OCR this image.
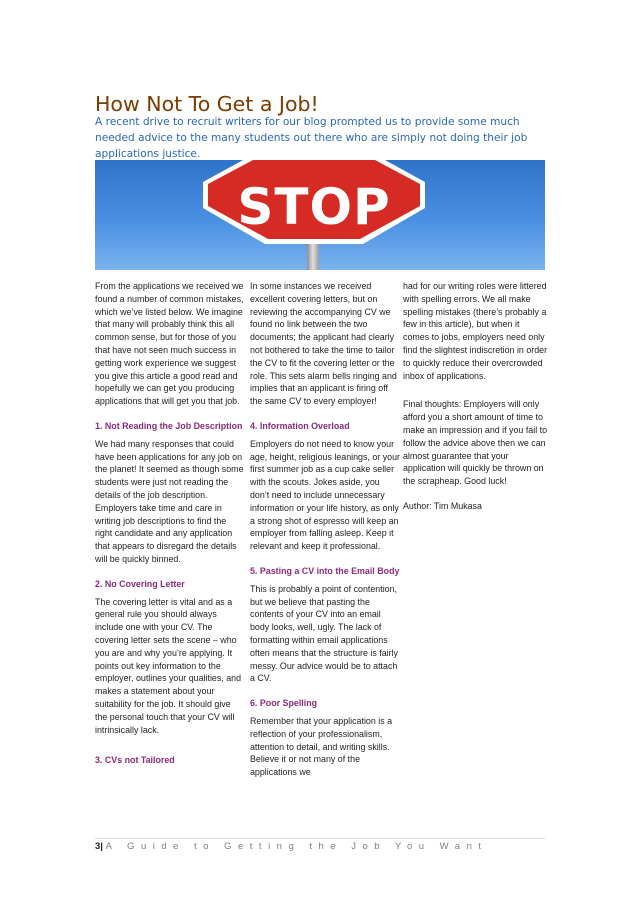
How Not To Get a Job!
A recent drive to recruit writers for our blog prompted us to provide some much needed advice to the many students out there who are simply not doing their job applications justice.
STOP

From the applications we received we found a number of common mistakes, which we’ve listed below. We imagine that many will probably think this all common sense, but for those of you that have not seen much success in getting work experience we suggest you give this article a good read and hopefully we can get you producing applications that will get you that job.

1. Not Reading the Job Description

We had many responses that could have been applications for any job on the planet! It seemed as though some students were just not reading the details of the job description. Employers take time and care in writing job descriptions to find the right candidate and any application that appears to disregard the details will be quickly binned.

2. No Covering Letter

The covering letter is vital and as a general rule you should always include one with your CV. The covering letter sets the scene – who you are and why you’re applying. It points out key information to the employer, outlines your qualities, and makes a statement about your suitability for the job. It should give the personal touch that your CV will intrinsically lack.

3. CVs not Tailored

In some instances we received excellent covering letters, but on reviewing the accompanying CV we found no link between the two documents; the applicant had clearly not bothered to take the time to tailor the CV to fit the covering letter or the role. This sets alarm bells ringing and implies that an applicant is firing off the same CV to every employer!

4. Information Overload

Employers do not need to know your age, height, religious leanings, or your first summer job as a cup cake seller with the scouts. Jokes aside, you don’t need to include unnecessary information or your life history, as only a strong shot of espresso will keep an employer from falling asleep. Keep it relevant and keep it professional.

5. Pasting a CV into the Email Body

This is probably a point of contention, but we believe that pasting the contents of your CV into an email body looks, well, ugly. The lack of formatting within email applications often means that the structure is fairly messy. Our advice would be to attach a CV.

6. Poor Spelling

Remember that your application is a reflection of your professionalism, attention to detail, and writing skills. Believe it or not many of the applications we

had for our writing roles were littered with spelling errors. We all make spelling mistakes (there’s probably a few in this article), but when it comes to jobs, employers need only find the slightest indiscretion in order to quickly reduce their overcrowded inbox of applications.

Final thoughts: Employers will only afford you a short amount of time to make an impression and if you fail to follow the advice above then we can almost guarantee that your application will quickly be thrown on the scrapheap. Good luck!

Author: Tim Mukasa

3| A Guide to Getting the Job You Want
